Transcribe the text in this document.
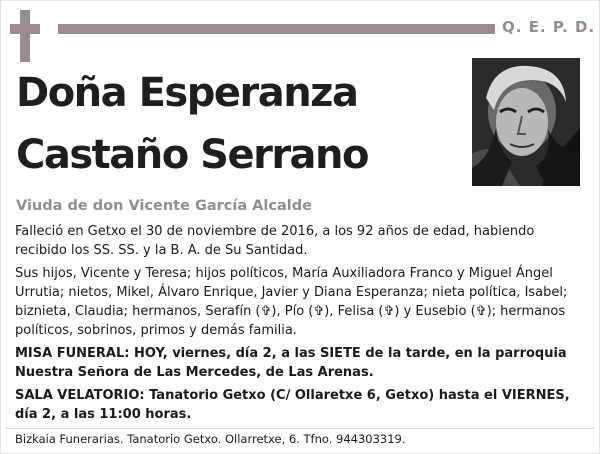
Q. E. P. D.
Doña Esperanza
Castaño Serrano
Viuda de don Vicente García Alcalde
Falleció en Getxo el 30 de noviembre de 2016, a los 92 años de edad, habiendo recibido los SS. SS. y la B. A. de Su Santidad.
Sus hijos, Vicente y Teresa; hijos políticos, María Auxiliadora Franco y Miguel Ángel Urrutia; nietos, Mikel, Álvaro Enrique, Javier y Diana Esperanza; nieta política, Isabel; biznieta, Claudia; hermanos, Serafín (✞), Pío (✞), Felisa (✞) y Eusebio (✞); hermanos políticos, sobrinos, primos y demás familia.
MISA FUNERAL: HOY, viernes, día 2, a las SIETE de la tarde, en la parroquia Nuestra Señora de Las Mercedes, de Las Arenas.
SALA VELATORIO: Tanatorio Getxo (C/ Ollaretxe 6, Getxo) hasta el VIERNES, día 2, a las 11:00 horas.
Bizkaia Funerarias. Tanatorio Getxo. Ollarretxe, 6. Tfno. 944303319.
